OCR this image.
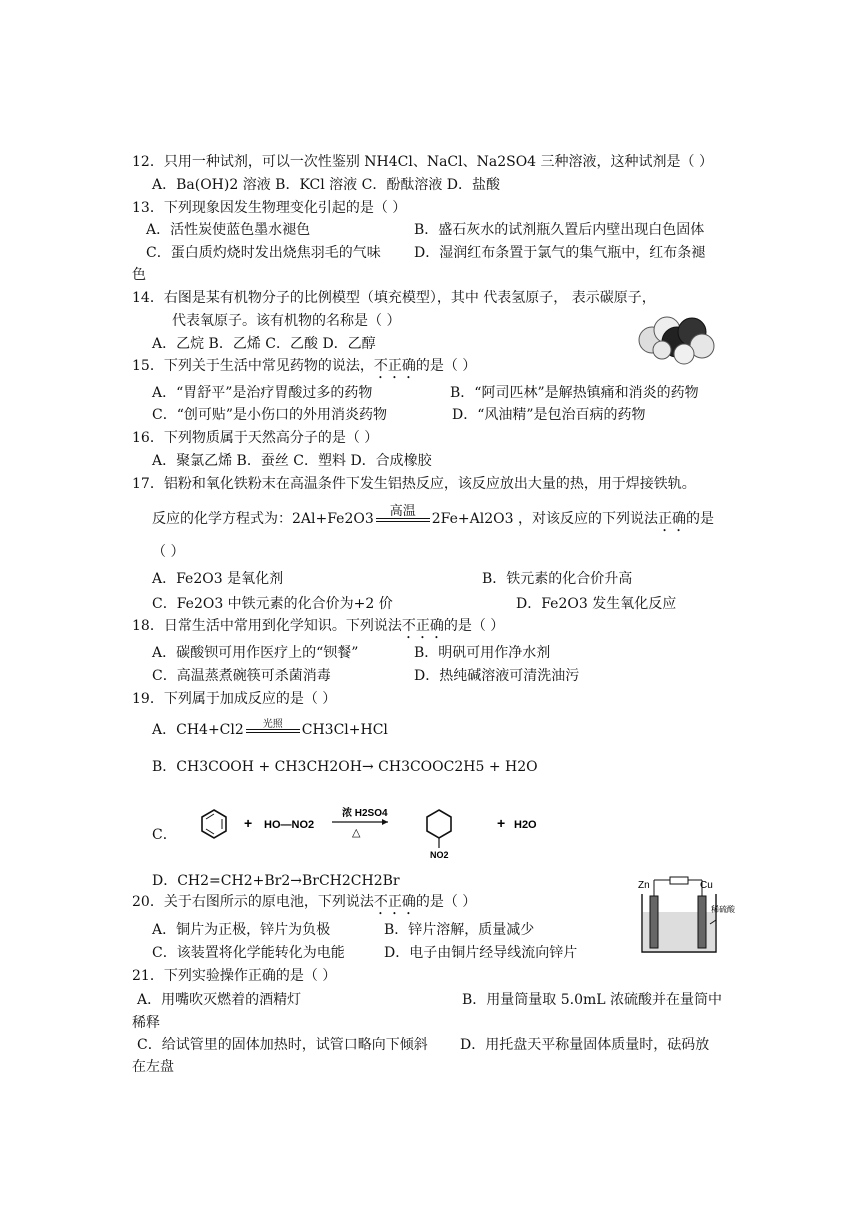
12．只用一种试剂，可以一次性鉴别 NH4Cl、NaCl、Na2SO4 三种溶液，这种试剂是（ ）
A．Ba(OH)2 溶液 B．KCl 溶液 C．酚酞溶液 D．盐酸
13．下列现象因发生物理变化引起的是（ ）
A．活性炭使蓝色墨水褪色	B．盛石灰水的试剂瓶久置后内壁出现白色固体
C．蛋白质灼烧时发出烧焦羽毛的气味 D．湿润红布条置于氯气的集气瓶中，红布条褪
色
14．右图是某有机物分子的比例模型（填充模型），其中 代表氢原子， 表示碳原子，
代表氧原子。该有机物的名称是（ ）
A．乙烷 B．乙烯 C．乙酸 D．乙醇
15．下列关于生活中常见药物的说法，不正确的是（ ）
A．“胃舒平”是治疗胃酸过多的药物	B．“阿司匹林”是解热镇痛和消炎的药物
C．“创可贴”是小伤口的外用消炎药物	D．“风油精”是包治百病的药物
16．下列物质属于天然高分子的是（ ）
A．聚氯乙烯 B．蚕丝 C．塑料 D．合成橡胶
17．铝粉和氧化铁粉末在高温条件下发生铝热反应，该反应放出大量的热，用于焊接铁轨。
反应的化学方程式为：2Al+Fe2O3	高温	2Fe+Al2O3 ，对该反应的下列说法正确的是
（ ）
A．Fe2O3 是氧化剂	B．铁元素的化合价升高
C．Fe2O3 中铁元素的化合价为+2 价	D．Fe2O3 发生氧化反应
18．日常生活中常用到化学知识。下列说法不正确的是（ ）
A．碳酸钡可用作医疗上的“钡餐”	B．明矾可用作净水剂
C．高温蒸煮碗筷可杀菌消毒	D．热纯碱溶液可清洗油污
19．下列属于加成反应的是（ ）
A．CH4+Cl2	光照	CH3Cl+HCl
B．CH3COOH + CH3CH2OH→ CH3COOC2H5 + H2O
C．
+ HO—NO2
浓 H2SO4
△
NO2
+ H2O
D．CH2=CH2+Br2→BrCH2CH2Br
20．关于右图所示的原电池，下列说法不正确的是（ ）
A．铜片为正极，锌片为负极	B．锌片溶解，质量减少
C．该装置将化学能转化为电能	D．电子由铜片经导线流向锌片
Zn	Cu
稀硫酸
21．下列实验操作正确的是（ ）
A．用嘴吹灭燃着的酒精灯	B．用量筒量取 5.0mL 浓硫酸并在量筒中
稀释
C．给试管里的固体加热时，试管口略向下倾斜 D．用托盘天平称量固体质量时，砝码放
在左盘
